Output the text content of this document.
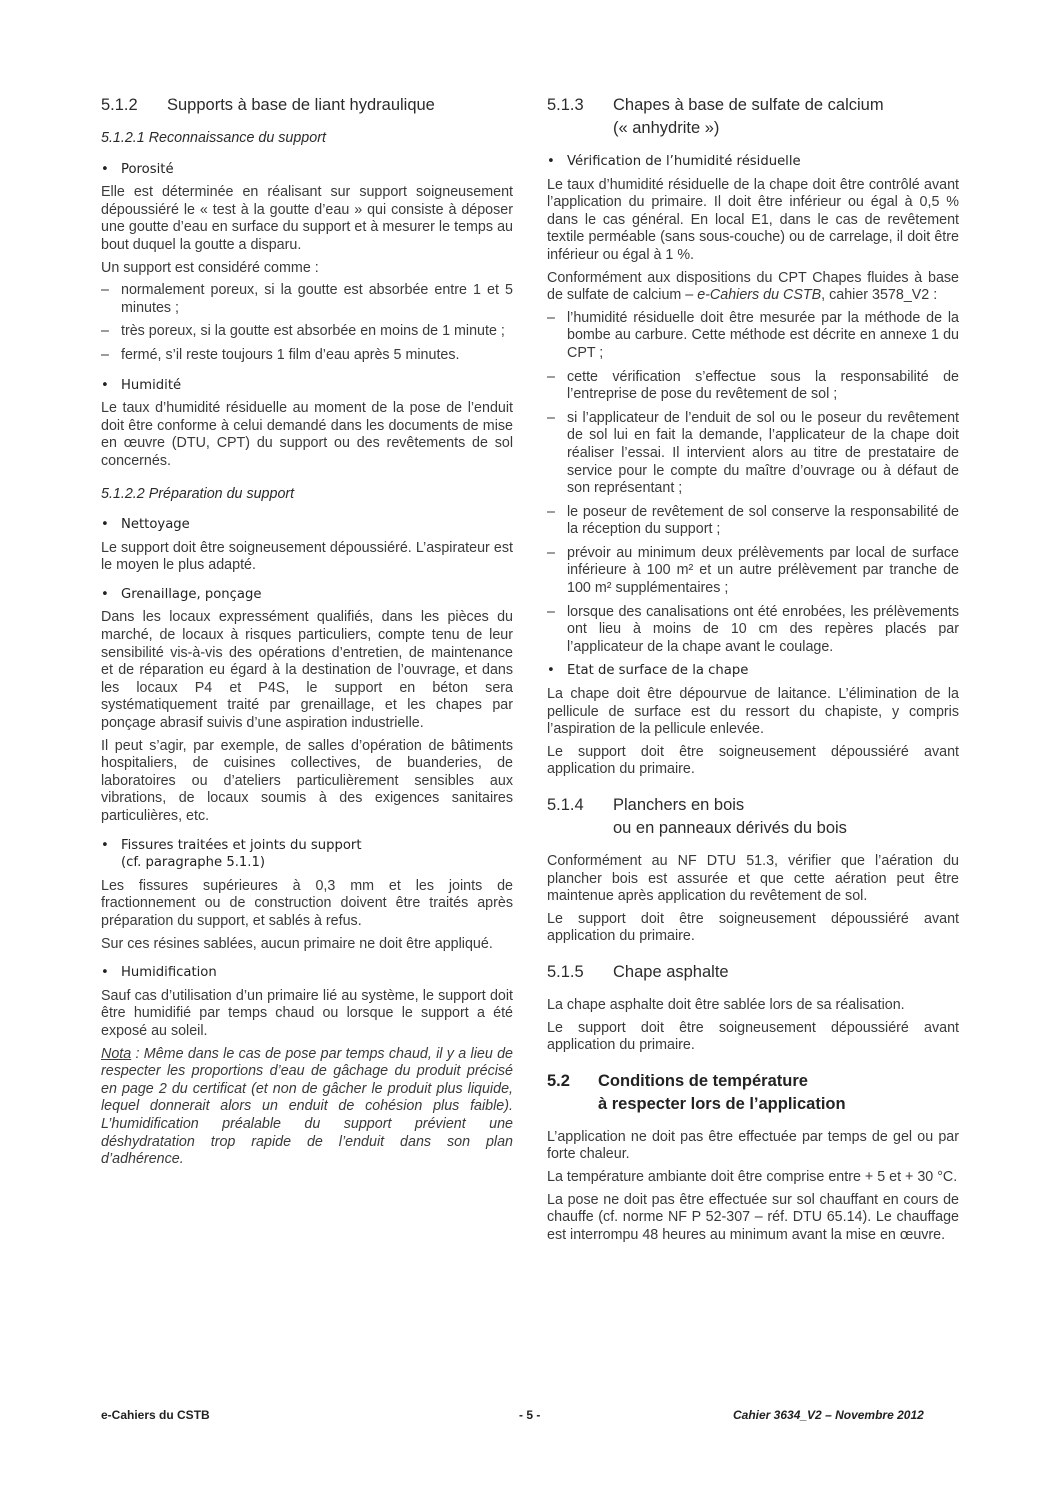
5.1.2	Supports à base de liant hydraulique
5.1.2.1 Reconnaissance du support
• Porosité

Elle est déterminée en réalisant sur support soigneusement dépoussiéré le « test à la goutte d’eau » qui consiste à déposer une goutte d’eau en surface du support et à mesurer le temps au bout duquel la goutte a disparu.

Un support est considéré comme :

– normalement poreux, si la goutte est absorbée entre 1 et 5 minutes ;
– très poreux, si la goutte est absorbée en moins de 1 minute ;
– fermé, s’il reste toujours 1 film d’eau après 5 minutes.
• Humidité

Le taux d’humidité résiduelle au moment de la pose de l’enduit doit être conforme à celui demandé dans les documents de mise en œuvre (DTU, CPT) du support ou des revêtements de sol concernés.

5.1.2.2 Préparation du support
• Nettoyage

Le support doit être soigneusement dépoussiéré. L’aspirateur est le moyen le plus adapté.

• Grenaillage, ponçage

Dans les locaux expressément qualifiés, dans les pièces du marché, de locaux à risques particuliers, compte tenu de leur sensibilité vis-à-vis des opérations d’entretien, de maintenance et de réparation eu égard à la destination de l’ouvrage, et dans les locaux P4 et P4S, le support en béton sera systématiquement traité par grenaillage, et les chapes par ponçage abrasif suivis d’une aspiration industrielle.

Il peut s’agir, par exemple, de salles d’opération de bâtiments hospitaliers, de cuisines collectives, de buanderies, de laboratoires ou d’ateliers particulièrement sensibles aux vibrations, de locaux soumis à des exigences sanitaires particulières, etc.

• Fissures traitées et joints du support
(cf. paragraphe 5.1.1)

Les fissures supérieures à 0,3 mm et les joints de fractionnement ou de construction doivent être traités après préparation du support, et sablés à refus.

Sur ces résines sablées, aucun primaire ne doit être appliqué.

• Humidification

Sauf cas d’utilisation d’un primaire lié au système, le support doit être humidifié par temps chaud ou lorsque le support a été exposé au soleil.

Nota : Même dans le cas de pose par temps chaud, il y a lieu de respecter les proportions d’eau de gâchage du produit précisé en page 2 du certificat (et non de gâcher le produit plus liquide, lequel donnerait alors un enduit de cohésion plus faible). L’humidification préalable du support prévient une déshydratation trop rapide de l’enduit dans son plan d’adhérence.

5.1.3	Chapes à base de sulfate de calcium
(« anhydrite »)
• Vérification de l’humidité résiduelle

Le taux d’humidité résiduelle de la chape doit être contrôlé avant l’application du primaire. Il doit être inférieur ou égal à 0,5 % dans le cas général. En local E1, dans le cas de revêtement textile perméable (sans sous-couche) ou de carrelage, il doit être inférieur ou égal à 1 %.

Conformément aux dispositions du CPT Chapes fluides à base de sulfate de calcium – e-Cahiers du CSTB, cahier 3578_V2 :

– l’humidité résiduelle doit être mesurée par la méthode de la bombe au carbure. Cette méthode est décrite en annexe 1 du CPT ;
– cette vérification s’effectue sous la responsabilité de l’entreprise de pose du revêtement de sol ;
– si l’applicateur de l’enduit de sol ou le poseur du revêtement de sol lui en fait la demande, l’applicateur de la chape doit réaliser l’essai. Il intervient alors au titre de prestataire de service pour le compte du maître d’ouvrage ou à défaut de son représentant ;
– le poseur de revêtement de sol conserve la responsabilité de la réception du support ;
– prévoir au minimum deux prélèvements par local de surface inférieure à 100 m² et un autre prélèvement par tranche de 100 m² supplémentaires ;
– lorsque des canalisations ont été enrobées, les prélèvements ont lieu à moins de 10 cm des repères placés par l’applicateur de la chape avant le coulage.
• Etat de surface de la chape

La chape doit être dépourvue de laitance. L’élimination de la pellicule de surface est du ressort du chapiste, y compris l’aspiration de la pellicule enlevée.

Le support doit être soigneusement dépoussiéré avant application du primaire.

5.1.4	Planchers en bois
ou en panneaux dérivés du bois

Conformément au NF DTU 51.3, vérifier que l’aération du plancher bois est assurée et que cette aération peut être maintenue après application du revêtement de sol.

Le support doit être soigneusement dépoussiéré avant application du primaire.

5.1.5	Chape asphalte

La chape asphalte doit être sablée lors de sa réalisation.

Le support doit être soigneusement dépoussiéré avant application du primaire.

5.2	Conditions de température
à respecter lors de l’application

L’application ne doit pas être effectuée par temps de gel ou par forte chaleur.

La température ambiante doit être comprise entre + 5 et + 30 °C.

La pose ne doit pas être effectuée sur sol chauffant en cours de chauffe (cf. norme NF P 52-307 – réf. DTU 65.14). Le chauffage est interrompu 48 heures au minimum avant la mise en œuvre.

e-Cahiers du CSTB	- 5 -	Cahier 3634_V2 – Novembre 2012
